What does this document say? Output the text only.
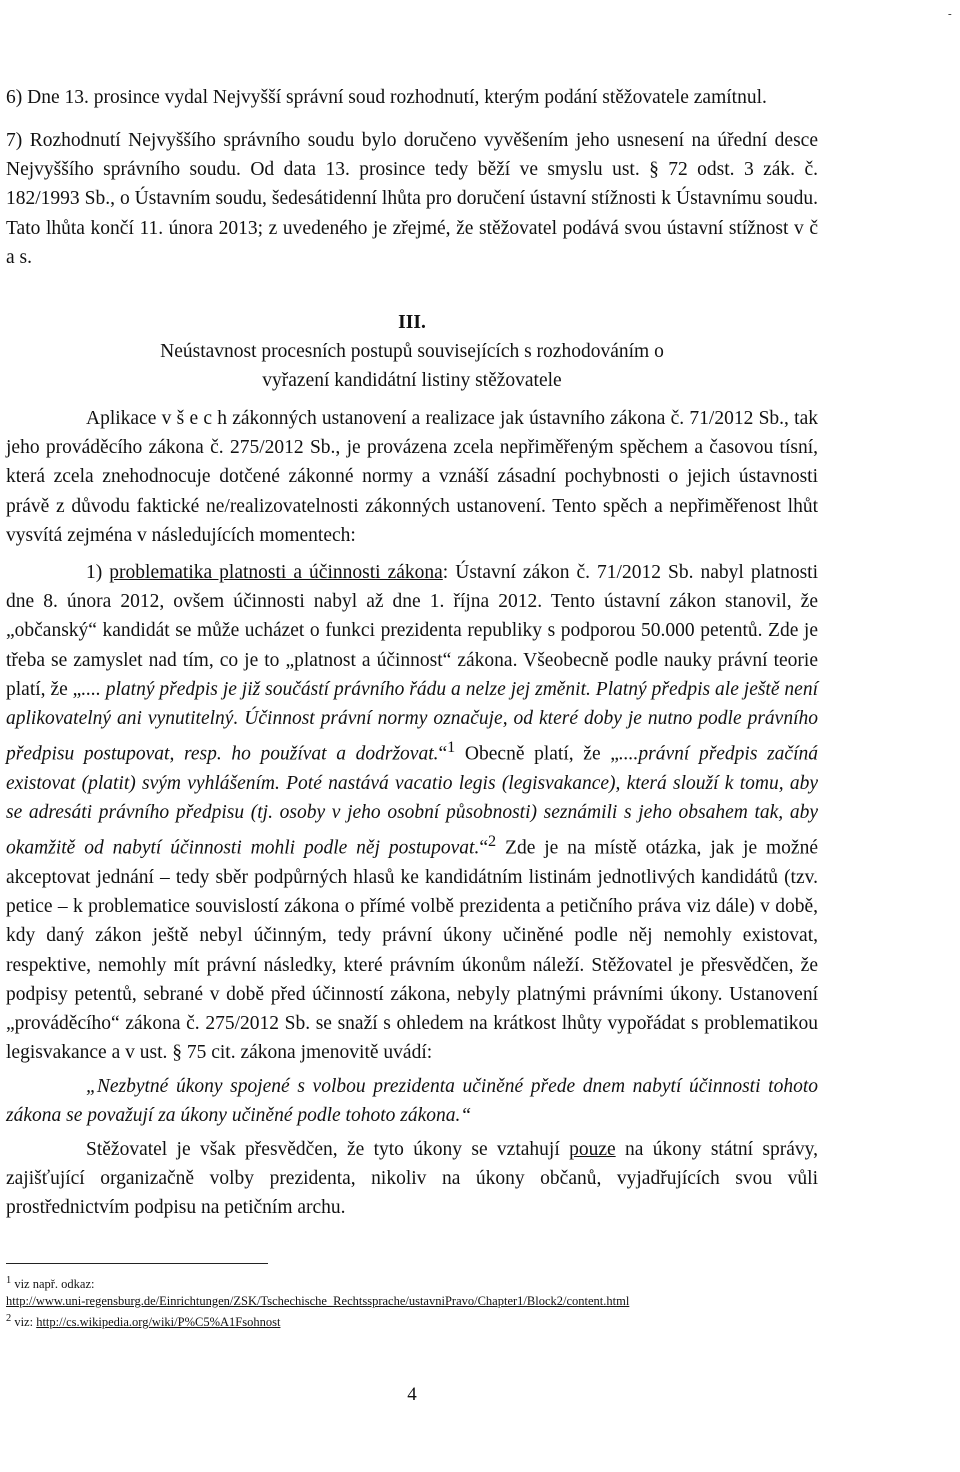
6) Dne 13. prosince vydal Nejvyšší správní soud rozhodnutí, kterým podání stěžovatele zamítnul.

7) Rozhodnutí Nejvyššího správního soudu bylo doručeno vyvěšením jeho usnesení na úřední desce Nejvyššího správního soudu. Od data 13. prosince tedy běží ve smyslu ust. § 72 odst. 3 zák. č. 182/1993 Sb., o Ústavním soudu, šedesátidenní lhůta pro doručení ústavní stížnosti k Ústavnímu soudu. Tato lhůta končí 11. února 2013; z uvedeného je zřejmé, že stěžovatel podává svou ústavní stížnost v č a s.

III.

Neústavnost procesních postupů souvisejících s rozhodováním o vyřazení kandidátní listiny stěžovatele

Aplikace v š e c h zákonných ustanovení a realizace jak ústavního zákona č. 71/2012 Sb., tak jeho prováděcího zákona č. 275/2012 Sb., je provázena zcela nepřiměřeným spěchem a časovou tísní, která zcela znehodnocuje dotčené zákonné normy a vznáší zásadní pochybnosti o jejich ústavnosti právě z důvodu faktické ne/realizovatelnosti zákonných ustanovení. Tento spěch a nepřiměřenost lhůt vysvítá zejména v následujících momentech:

1) problematika platnosti a účinnosti zákona: Ústavní zákon č. 71/2012 Sb. nabyl platnosti dne 8. února 2012, ovšem účinnosti nabyl až dne 1. října 2012. Tento ústavní zákon stanovil, že „občanský“ kandidát se může ucházet o funkci prezidenta republiky s podporou 50.000 petentů. Zde je třeba se zamyslet nad tím, co je to „platnost a účinnost“ zákona. Všeobecně podle nauky právní teorie platí, že „.... platný předpis je již součástí právního řádu a nelze jej změnit. Platný předpis ale ještě není aplikovatelný ani vynutitelný. Účinnost právní normy označuje, od které doby je nutno podle právního předpisu postupovat, resp. ho používat a dodržovat.“$^1$ Obecně platí, že „....právní předpis začíná existovat (platit) svým vyhlášením. Poté nastává vacatio legis (legisvakance), která slouží k tomu, aby se adresáti právního předpisu (tj. osoby v jeho osobní působnosti) seznámili s jeho obsahem tak, aby okamžitě od nabytí účinnosti mohli podle něj postupovat.“$^2$ Zde je na místě otázka, jak je možné akceptovat jednání – tedy sběr podpůrných hlasů ke kandidátním listinám jednotlivých kandidátů (tzv. petice – k problematice souvislostí zákona o přímé volbě prezidenta a petičního práva viz dále) v době, kdy daný zákon ještě nebyl účinným, tedy právní úkony učiněné podle něj nemohly existovat, respektive, nemohly mít právní následky, které právním úkonům náleží. Stěžovatel je přesvědčen, že podpisy petentů, sebrané v době před účinností zákona, nebyly platnými právními úkony. Ustanovení „prováděcího“ zákona č. 275/2012 Sb. se snaží s ohledem na krátkost lhůty vypořádat s problematikou legisvakance a v ust. § 75 cit. zákona jmenovitě uvádí:

„Nezbytné úkony spojené s volbou prezidenta učiněné přede dnem nabytí účinnosti tohoto zákona se považují za úkony učiněné podle tohoto zákona.“

Stěžovatel je však přesvědčen, že tyto úkony se vztahují pouze na úkony státní správy, zajišťující organizačně volby prezidenta, nikoliv na úkony občanů, vyjadřujících svou vůli prostřednictvím podpisu na petičním archu.

$^1$ viz např. odkaz:
http://www.uni-regensburg.de/Einrichtungen/ZSK/Tschechische_Rechtssprache/ustavniPravo/Chapter1/Block2/content.html
$^2$ viz: http://cs.wikipedia.org/wiki/P%C5%A1Fsohnost
4
-
